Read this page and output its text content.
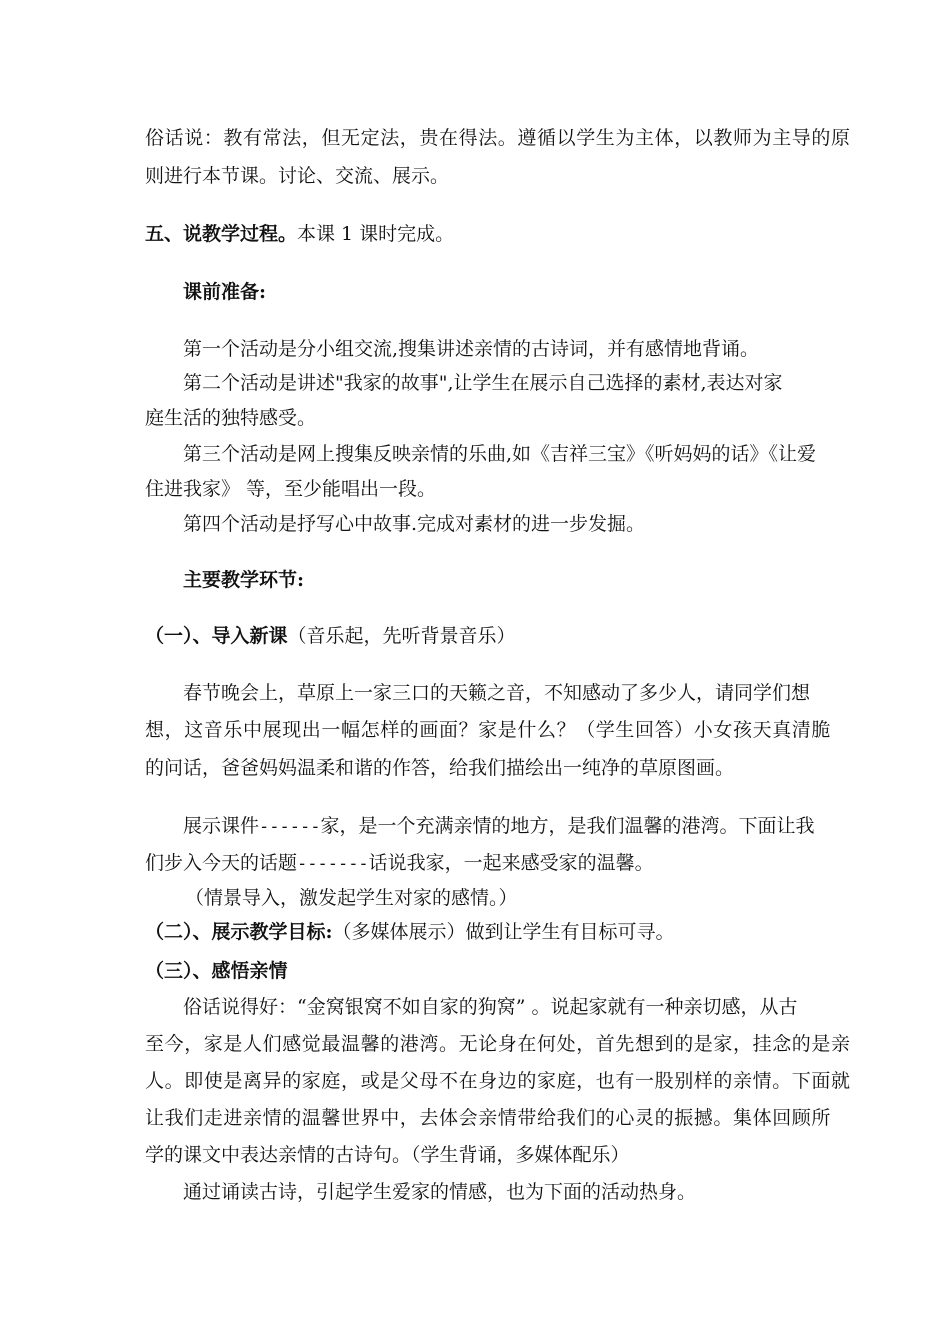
俗话说：教有常法，但无定法，贵在得法。遵循以学生为主体，以教师为主导的原
则进行本节课。讨论、交流、展示。
五、说教学过程。本课 1 课时完成。
课前准备:
第一个活动是分小组交流,搜集讲述亲情的古诗词，并有感情地背诵。
第二个活动是讲述"我家的故事",让学生在展示自己选择的素材,表达对家
庭生活的独特感受。
第三个活动是网上搜集反映亲情的乐曲,如《吉祥三宝》《听妈妈的话》《让爱
住进我家》 等，至少能唱出一段。
第四个活动是抒写心中故事.完成对素材的进一步发掘。
主要教学环节:
（一）、导入新课（音乐起，先听背景音乐）
春节晚会上，草原上一家三口的天籁之音，不知感动了多少人，请同学们想
想，这音乐中展现出一幅怎样的画面？家是什么？（学生回答）小女孩天真清脆
的问话，爸爸妈妈温柔和谐的作答，给我们描绘出一纯净的草原图画。
展示课件------家，是一个充满亲情的地方，是我们温馨的港湾。下面让我
们步入今天的话题-------话说我家，一起来感受家的温馨。
（情景导入，激发起学生对家的感情。）
（二）、展示教学目标:（多媒体展示）做到让学生有目标可寻。
（三）、感悟亲情
俗话说得好：“金窝银窝不如自家的狗窝” 。说起家就有一种亲切感，从古
至今，家是人们感觉最温馨的港湾。无论身在何处，首先想到的是家，挂念的是亲
人。即使是离异的家庭，或是父母不在身边的家庭，也有一股别样的亲情。下面就
让我们走进亲情的温馨世界中，去体会亲情带给我们的心灵的振撼。集体回顾所
学的课文中表达亲情的古诗句。（学生背诵，多媒体配乐）
通过诵读古诗，引起学生爱家的情感，也为下面的活动热身。
